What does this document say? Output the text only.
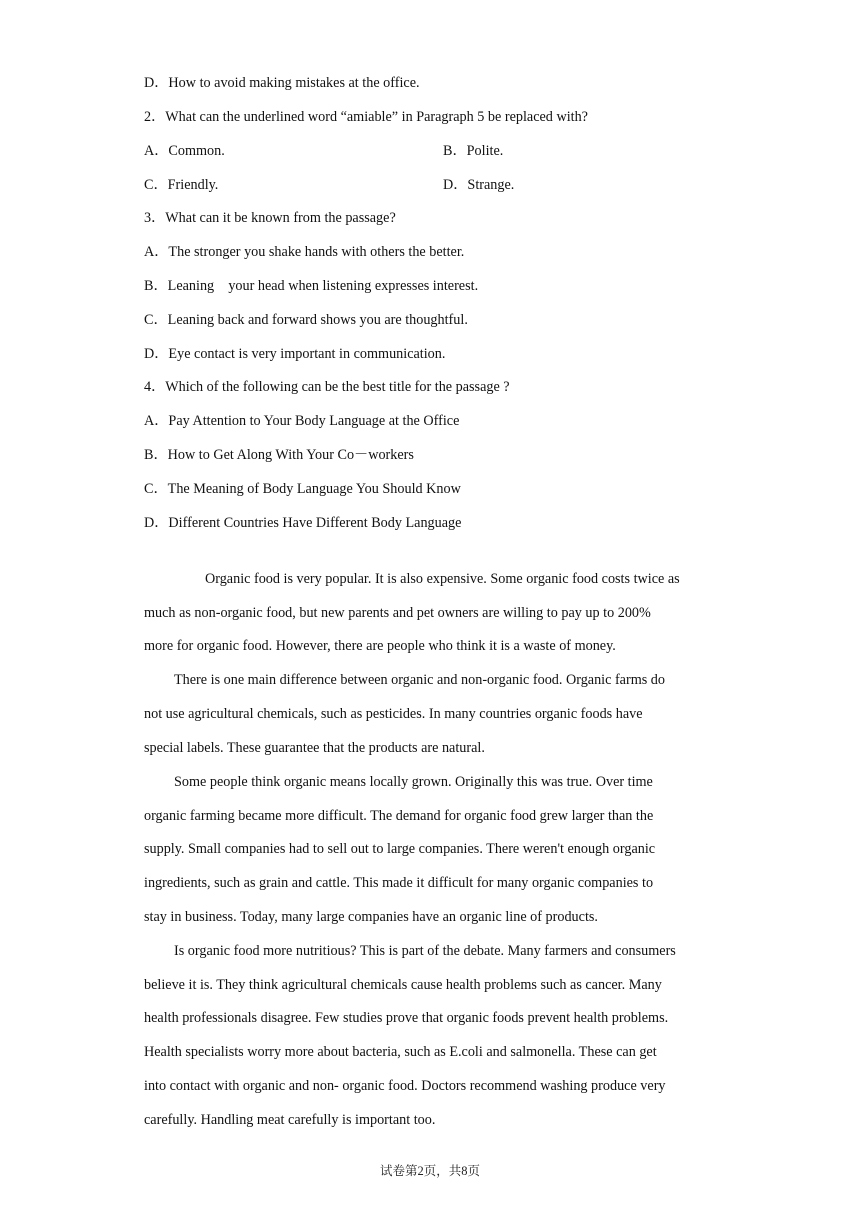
D．How to avoid making mistakes at the office.
2．What can the underlined word “amiable” in Paragraph 5 be replaced with?
A．Common.	B．Polite.
C．Friendly.	D．Strange.
3．What can it be known from the passage?
A．The stronger you shake hands with others the better.
B．Leaning    your head when listening expresses interest.
C．Leaning back and forward shows you are thoughtful.
D．Eye contact is very important in communication.
4．Which of the following can be the best title for the passage ?
A．Pay Attention to Your Body Language at the Office
B．How to Get Along With Your Co－workers
C．The Meaning of Body Language You Should Know
D．Different Countries Have Different Body Language
Organic food is very popular. It is also expensive. Some organic food costs twice as
much as non-organic food, but new parents and pet owners are willing to pay up to 200%
more for organic food. However, there are people who think it is a waste of money.
There is one main difference between organic and non-organic food. Organic farms do
not use agricultural chemicals, such as pesticides. In many countries organic foods have
special labels. These guarantee that the products are natural.
Some people think organic means locally grown. Originally this was true. Over time
organic farming became more difficult. The demand for organic food grew larger than the
supply. Small companies had to sell out to large companies. There weren't enough organic
ingredients, such as grain and cattle. This made it difficult for many organic companies to
stay in business. Today, many large companies have an organic line of products.
Is organic food more nutritious? This is part of the debate. Many farmers and consumers
believe it is. They think agricultural chemicals cause health problems such as cancer. Many
health professionals disagree. Few studies prove that organic foods prevent health problems.
Health specialists worry more about bacteria, such as E.coli and salmonella. These can get
into contact with organic and non- organic food. Doctors recommend washing produce very
carefully. Handling meat carefully is important too.
试卷第2页，共8页
